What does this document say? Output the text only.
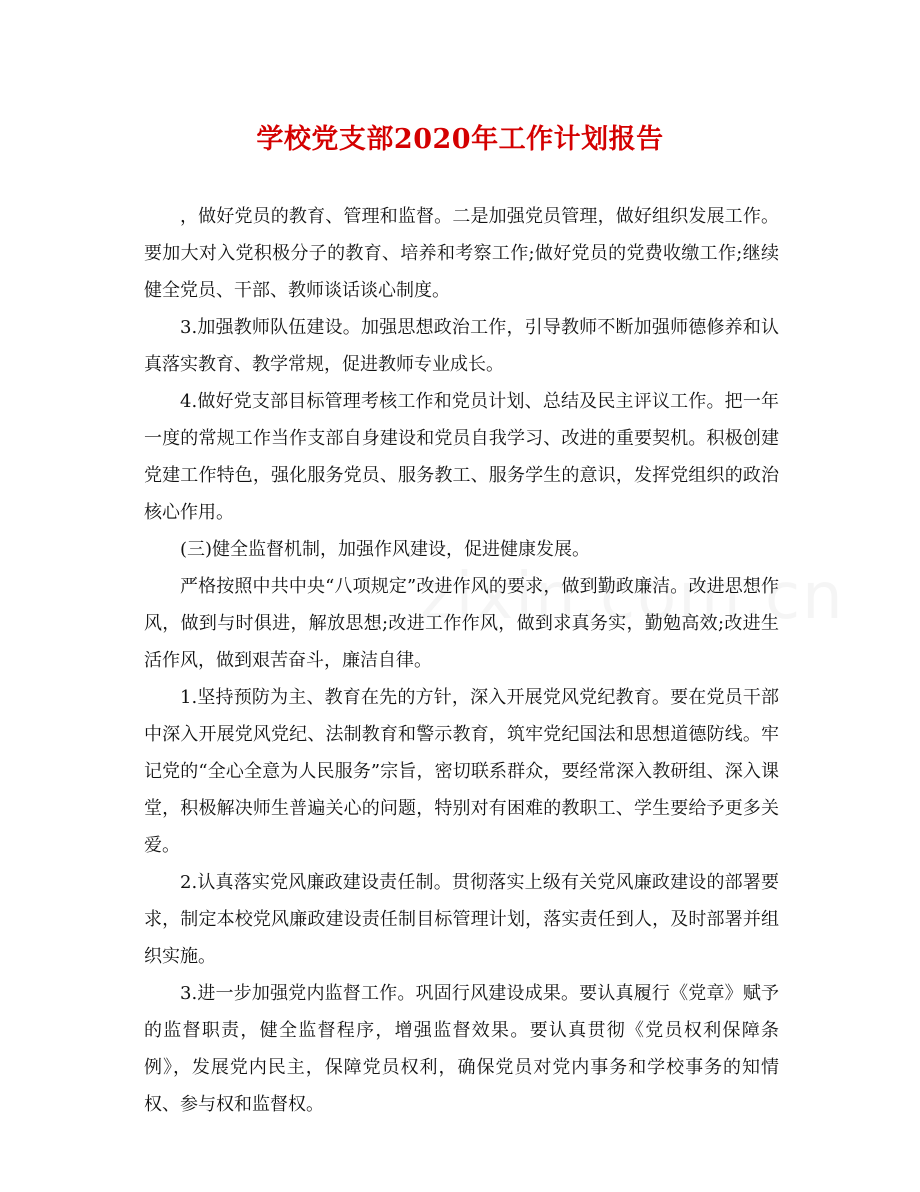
学校党支部2020年工作计划报告

，做好党员的教育、管理和监督。二是加强党员管理，做好组织发展工作。要加大对入党积极分子的教育、培养和考察工作;做好党员的党费收缴工作;继续健全党员、干部、教师谈话谈心制度。

3.加强教师队伍建设。加强思想政治工作，引导教师不断加强师德修养和认真落实教育、教学常规，促进教师专业成长。

4.做好党支部目标管理考核工作和党员计划、总结及民主评议工作。把一年一度的常规工作当作支部自身建设和党员自我学习、改进的重要契机。积极创建党建工作特色，强化服务党员、服务教工、服务学生的意识，发挥党组织的政治核心作用。

(三)健全监督机制，加强作风建设，促进健康发展。

严格按照中共中央“八项规定”改进作风的要求，做到勤政廉洁。改进思想作风，做到与时俱进，解放思想;改进工作作风，做到求真务实，勤勉高效;改进生活作风，做到艰苦奋斗，廉洁自律。

1.坚持预防为主、教育在先的方针，深入开展党风党纪教育。要在党员干部中深入开展党风党纪、法制教育和警示教育，筑牢党纪国法和思想道德防线。牢记党的“全心全意为人民服务”宗旨，密切联系群众，要经常深入教研组、深入课堂，积极解决师生普遍关心的问题，特别对有困难的教职工、学生要给予更多关爱。

2.认真落实党风廉政建设责任制。贯彻落实上级有关党风廉政建设的部署要求，制定本校党风廉政建设责任制目标管理计划，落实责任到人，及时部署并组织实施。

3.进一步加强党内监督工作。巩固行风建设成果。要认真履行《党章》赋予的监督职责，健全监督程序，增强监督效果。要认真贯彻《党员权利保障条例》，发展党内民主，保障党员权利，确保党员对党内事务和学校事务的知情权、参与权和监督权。
